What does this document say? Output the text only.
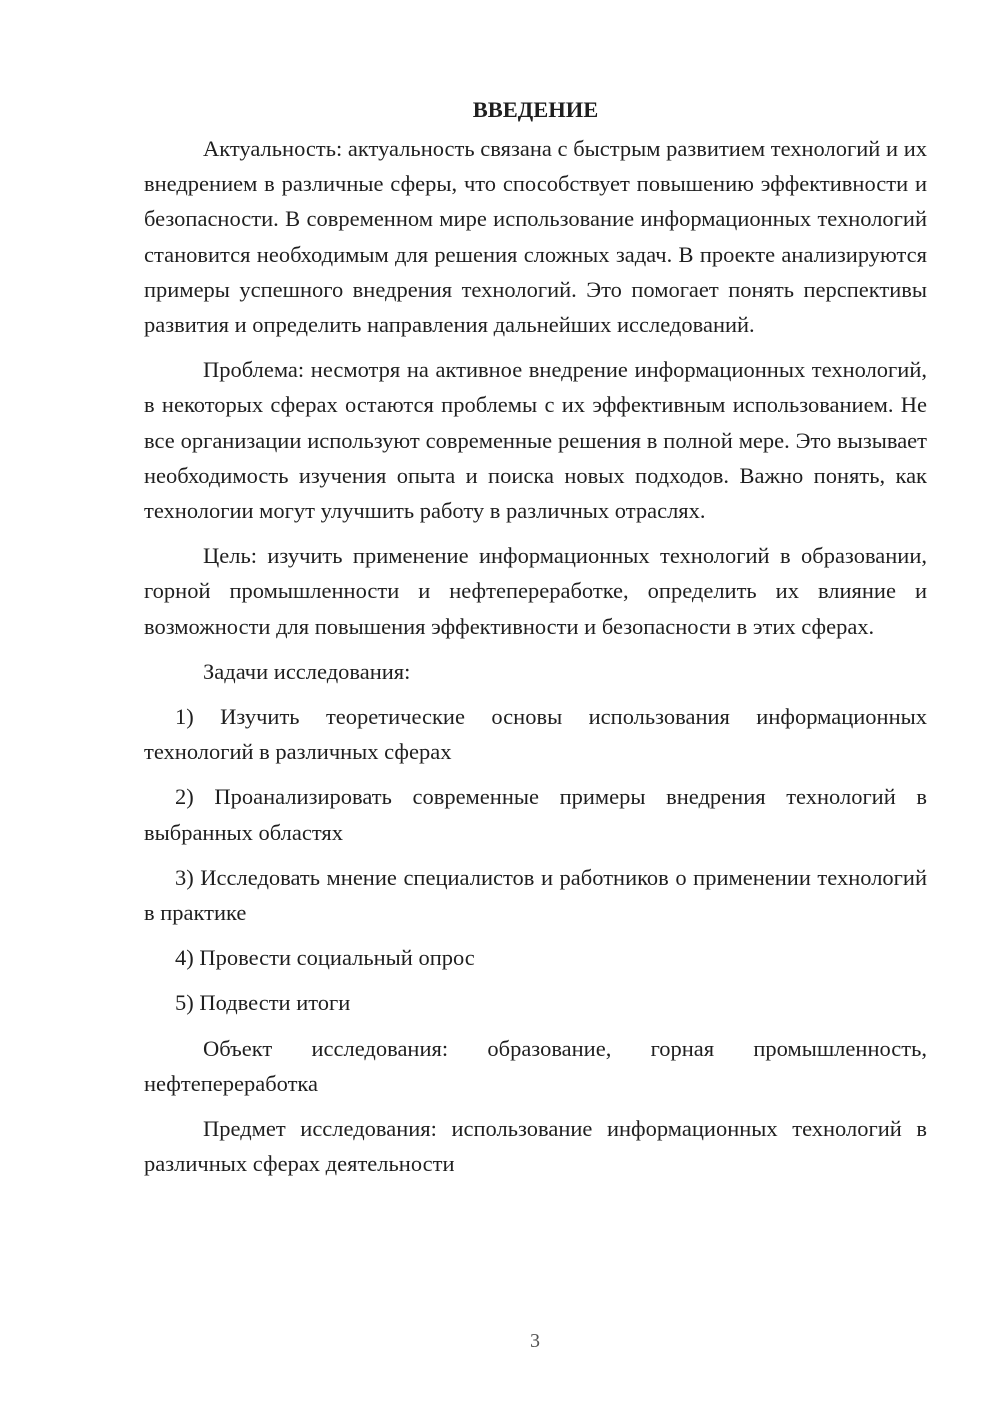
ВВЕДЕНИЕ

Актуальность: актуальность связана с быстрым развитием технологий и их внедрением в различные сферы, что способствует повышению эффективности и безопасности. В современном мире использование информационных технологий становится необходимым для решения сложных задач. В проекте анализируются примеры успешного внедрения технологий. Это помогает понять перспективы развития и определить направления дальнейших исследований.

Проблема: несмотря на активное внедрение информационных технологий, в некоторых сферах остаются проблемы с их эффективным использованием. Не все организации используют современные решения в полной мере. Это вызывает необходимость изучения опыта и поиска новых подходов. Важно понять, как технологии могут улучшить работу в различных отраслях.

Цель: изучить применение информационных технологий в образовании, горной промышленности и нефтепереработке, определить их влияние и возможности для повышения эффективности и безопасности в этих сферах.

Задачи исследования:

1) Изучить теоретические основы использования информационных технологий в различных сферах

2) Проанализировать современные примеры внедрения технологий в выбранных областях

3) Исследовать мнение специалистов и работников о применении технологий в практике

4) Провести социальный опрос

5) Подвести итоги

Объект исследования: образование, горная промышленность, нефтепереработка

Предмет исследования: использование информационных технологий в различных сферах деятельности

3
